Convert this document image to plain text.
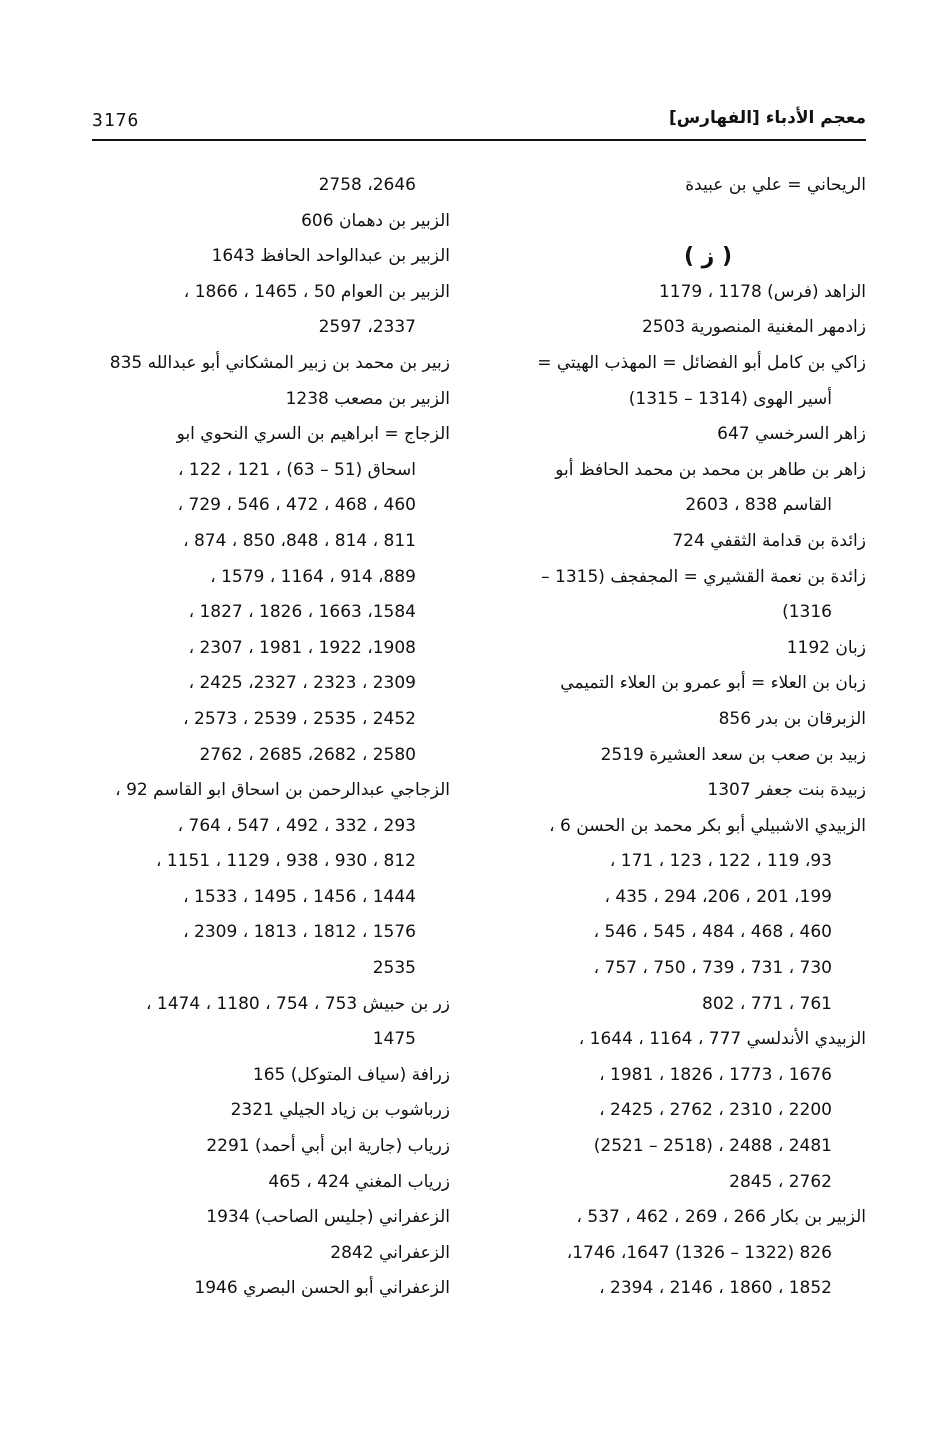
3176	معجم الأدباء [الفهارس]
الريحاني = علي بن عبيدة
( ز )
الزاهد (فرس) 1178 ، 1179
زادمهر المغنية المنصورية 2503
زاكي بن كامل أبو الفضائل = المهذب الهيتي =
أسير الهوى (1314 – 1315)
زاهر السرخسي 647
زاهر بن طاهر بن محمد بن محمد الحافظ أبو
القاسم 838 ، 2603
زائدة بن قدامة الثقفي 724
زائدة بن نعمة القشيري = المجفجف (1315 –
1316)
زبان 1192
زبان بن العلاء = أبو عمرو بن العلاء التميمي
الزبرقان بن بدر 856
زبيد بن صعب بن سعد العشيرة 2519
زبيدة بنت جعفر 1307
الزبيدي الاشبيلي أبو بكر محمد بن الحسن 6 ،
93، 119 ، 122 ، 123 ، 171 ،
199، 201 ، 206، 294 ، 435 ،
460 ، 468 ، 484 ، 545 ، 546 ،
730 ، 731 ، 739 ، 750 ، 757 ،
761 ، 771 ، 802
الزبيدي الأندلسي 777 ، 1164 ، 1644 ،
1676 ، 1773 ، 1826 ، 1981 ،
2200 ، 2310 ، 2762 ، 2425 ،
2481 ، 2488 ، (2518 – 2521)
2762 ، 2845
الزبير بن بكار 266 ، 269 ، 462 ، 537 ،
826 (1322 – 1326) 1647، 1746،
1852 ، 1860 ، 2146 ، 2394 ،
2646، 2758
الزبير بن دهمان 606
الزبير بن عبدالواحد الحافظ 1643
الزبير بن العوام 50 ، 1465 ، 1866 ،
2337، 2597
زبير بن محمد بن زبير المشكاني أبو عبدالله 835
الزبير بن مصعب 1238
الزجاج = ابراهيم بن السري النحوي ابو
اسحاق (51 – 63) ، 121 ، 122 ،
460 ، 468 ، 472 ، 546 ، 729 ،
811 ، 814 ، 848، 850 ، 874 ،
889، 914 ، 1164 ، 1579 ،
1584، 1663 ، 1826 ، 1827 ،
1908، 1922 ، 1981 ، 2307 ،
2309 ، 2323 ، 2327، 2425 ،
2452 ، 2535 ، 2539 ، 2573 ،
2580 ، 2682، 2685 ، 2762
الزجاجي عبدالرحمن بن اسحاق ابو القاسم 92 ،
293 ، 332 ، 492 ، 547 ، 764 ،
812 ، 930 ، 938 ، 1129 ، 1151 ،
1444 ، 1456 ، 1495 ، 1533 ،
1576 ، 1812 ، 1813 ، 2309 ،
2535
زر بن حبيش 753 ، 754 ، 1180 ، 1474 ،
1475
زرافة (سياف المتوكل) 165
زرباشوب بن زياد الجيلي 2321
زرياب (جارية ابن أبي أحمد) 2291
زرياب المغني 424 ، 465
الزعفراني (جليس الصاحب) 1934
الزعفراني 2842
الزعفراني أبو الحسن البصري 1946
